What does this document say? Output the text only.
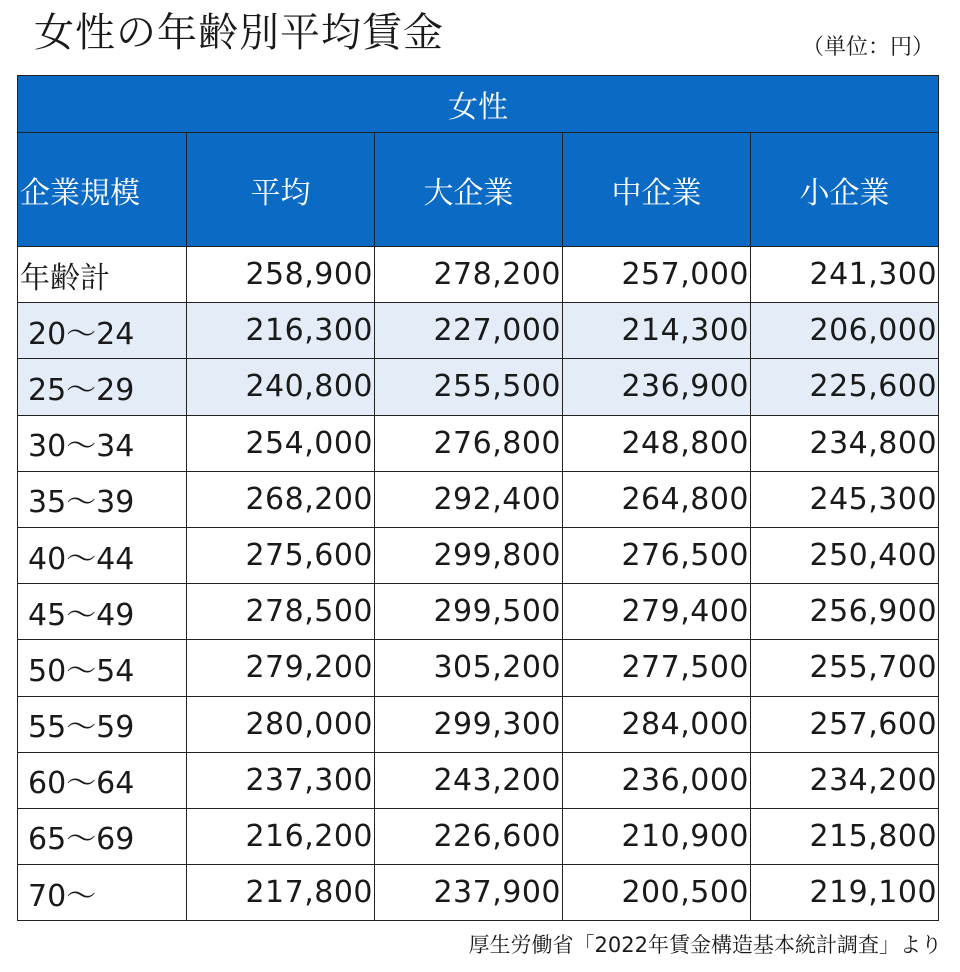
女性の年齢別平均賃金	（単位：円）
女性				
企業規模	平均	大企業	中企業	小企業
年齢計	258,900	278,200	257,000	241,300
20～24	216,300	227,000	214,300	206,000
25～29	240,800	255,500	236,900	225,600
30～34	254,000	276,800	248,800	234,800
35～39	268,200	292,400	264,800	245,300
40～44	275,600	299,800	276,500	250,400
45～49	278,500	299,500	279,400	256,900
50～54	279,200	305,200	277,500	255,700
55～59	280,000	299,300	284,000	257,600
60～64	237,300	243,200	236,000	234,200
65～69	216,200	226,600	210,900	215,800
70～	217,800	237,900	200,500	219,100
厚生労働省「2022年賃金構造基本統計調査」より
